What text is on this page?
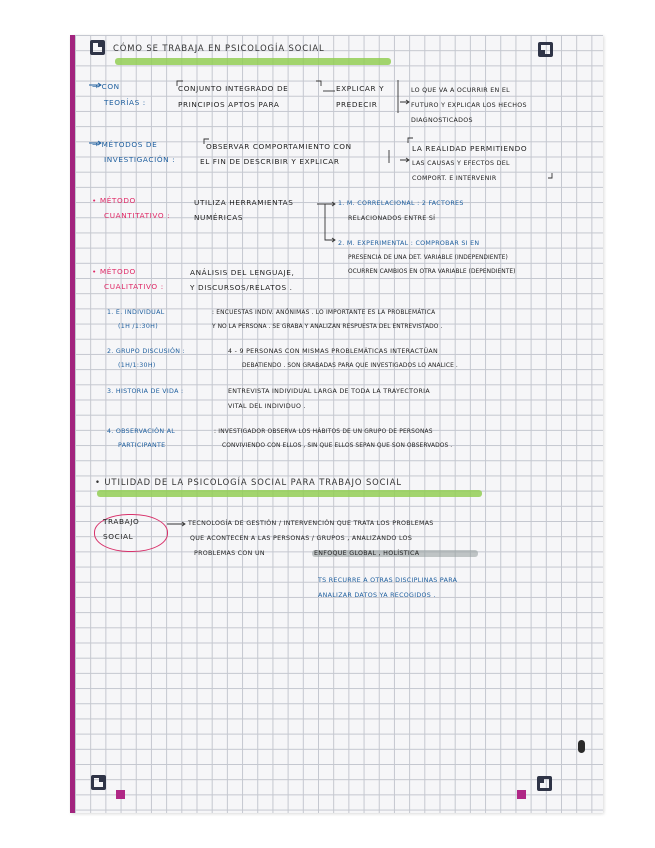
CÓMO SE TRABAJA EN PSICOLOGÍA SOCIAL
→ CON
TEORÍAS :
CONJUNTO INTEGRADO DE
PRINCIPIOS APTOS PARA
EXPLICAR Y
PREDECIR
LO QUE VA A OCURRIR EN EL
FUTURO Y EXPLICAR LOS HECHOS
DIAGNOSTICADOS
→ MÉTODOS DE
INVESTIGACIÓN :
OBSERVAR COMPORTAMIENTO CON
EL FIN DE DESCRIBIR Y EXPLICAR
LA REALIDAD PERMITIENDO
LAS CAUSAS Y EFECTOS DEL
COMPORT. E INTERVENIR
• MÉTODO
CUANTITATIVO :
UTILIZA HERRAMIENTAS
NUMÉRICAS
1. M. CORRELACIONAL : 2 FACTORES
RELACIONADOS ENTRE SÍ
2. M. EXPERIMENTAL : COMPROBAR SI EN
PRESENCIA DE UNA DET. VARIABLE (INDEPENDIENTE)
OCURREN CAMBIOS EN OTRA VARIABLE (DEPENDIENTE)
• MÉTODO
CUALITATIVO :
ANÁLISIS DEL LENGUAJE,
Y DISCURSOS/RELATOS .
1. E. INDIVIDUAL
(1H /1:30H)
: ENCUESTAS INDIV. ANÓNIMAS . LO IMPORTANTE ES LA PROBLEMÁTICA
Y NO LA PERSONA . SE GRABA Y ANALIZAN RESPUESTA DEL ENTREVISTADO .
2. GRUPO DISCUSIÓN :
(1H/1:30H)
4 - 9 PERSONAS CON MISMAS PROBLEMÁTICAS INTERACTÚAN
DEBATIENDO . SON GRABADAS PARA QUE INVESTIGADOS LO ANALICE .
3. HISTORIA DE VIDA :	ENTREVISTA INDIVIDUAL LARGA DE TODA LA TRAYECTORIA
VITAL DEL INDIVIDUO .
4. OBSERVACIÓN AL
PARTICIPANTE
: INVESTIGADOR OBSERVA LOS HÁBITOS DE UN GRUPO DE PERSONAS
CONVIVIENDO CON ELLOS , SIN QUE ELLOS SEPAN QUE SON OBSERVADOS .
• UTILIDAD DE LA PSICOLOGÍA SOCIAL PARA TRABAJO SOCIAL
TRABAJO
SOCIAL
TECNOLOGÍA DE GESTIÓN / INTERVENCIÓN QUE TRATA LOS PROBLEMAS
QUE ACONTECEN A LAS PERSONAS / GRUPOS , ANALIZANDO LOS
PROBLEMAS CON UN	ENFOQUE GLOBAL , HOLÍSTICA
TS RECURRE A OTRAS DISCIPLINAS PARA
ANALIZAR DATOS YA RECOGIDOS .
